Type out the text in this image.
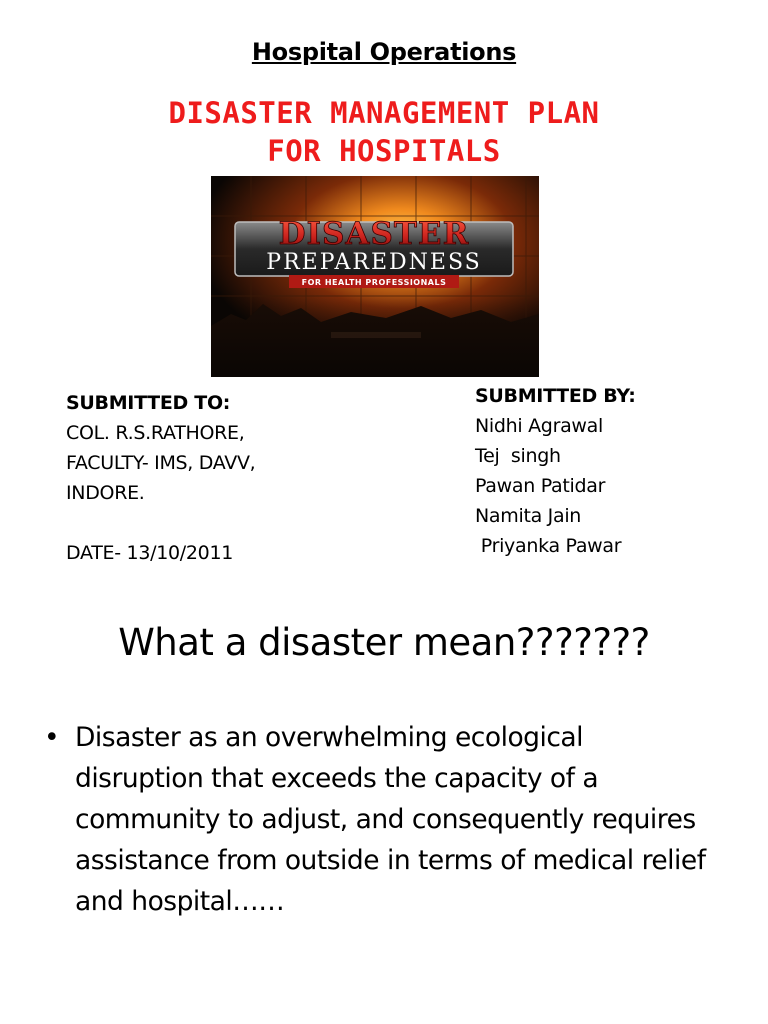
Hospital Operations
DISASTER MANAGEMENT PLAN
FOR HOSPITALS
DISASTER
PREPAREDNESS
FOR HEALTH PROFESSIONALS
SUBMITTED TO:
COL. R.S.RATHORE,
FACULTY- IMS, DAVV,
INDORE.
DATE- 13/10/2011
SUBMITTED BY:
Nidhi Agrawal
Tej  singh
Pawan Patidar
Namita Jain
Priyanka Pawar
What a disaster mean???????
• Disaster as an overwhelming ecological disruption that exceeds the capacity of a community to adjust, and consequently requires assistance from outside in terms of medical relief and hospital……
